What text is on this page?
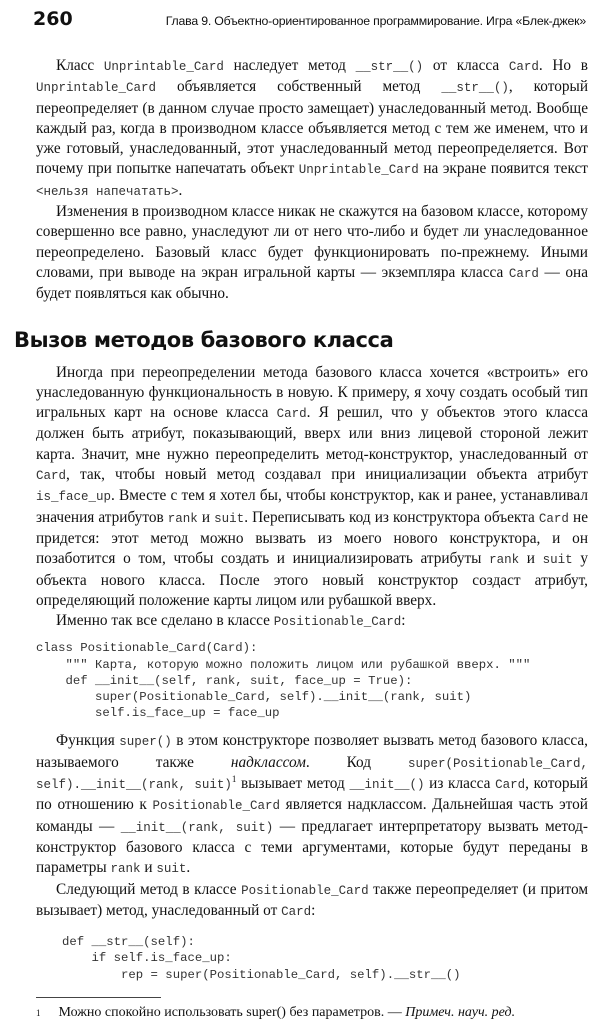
260	Глава 9. Объектно-ориентированное программирование. Игра «Блек-джек»

Класс Unprintable_Card наследует метод __str__() от класса Card. Но в Unprintable_Card объявляется собственный метод __str__(), который переопределяет (в данном случае просто замещает) унаследованный метод. Вообще каждый раз, когда в производном классе объявляется метод с тем же именем, что и уже готовый, унаследованный, этот унаследованный метод переопределяется. Вот почему при попытке напечатать объект Unprintable_Card на экране появится текст <нельзя напечатать>.

Изменения в производном классе никак не скажутся на базовом классе, которому совершенно все равно, унаследуют ли от него что-либо и будет ли унаследованное переопределено. Базовый класс будет функционировать по-прежнему. Иными словами, при выводе на экран игральной карты — экземпляра класса Card — она будет появляться как обычно.

Вызов методов базового класса

Иногда при переопределении метода базового класса хочется «встроить» его унаследованную функциональность в новую. К примеру, я хочу создать особый тип игральных карт на основе класса Card. Я решил, что у объектов этого класса должен быть атрибут, показывающий, вверх или вниз лицевой стороной лежит карта. Значит, мне нужно переопределить метод-конструктор, унаследованный от Card, так, чтобы новый метод создавал при инициализации объекта атрибут is_face_up. Вместе с тем я хотел бы, чтобы конструктор, как и ранее, устанавливал значения атрибутов rank и suit. Переписывать код из конструктора объекта Card не придется: этот метод можно вызвать из моего нового конструктора, и он позаботится о том, чтобы создать и инициализировать атрибуты rank и suit у объекта нового класса. После этого новый конструктор создаст атрибут, определяющий положение карты лицом или рубашкой вверх.

Именно так все сделано в классе Positionable_Card:

class Positionable_Card(Card):
""" Карта, которую можно положить лицом или рубашкой вверх. """
def __init__(self, rank, suit, face_up = True):
super(Positionable_Card, self).__init__(rank, suit)
self.is_face_up = face_up

Функция super() в этом конструкторе позволяет вызвать метод базового класса, называемого также надклассом. Код super(Positionable_Card, self).__init__(rank, suit)$^1$ вызывает метод __init__() из класса Card, который по отношению к Positionable_Card является надклассом. Дальнейшая часть этой команды — __init__(rank, suit) — предлагает интерпретатору вызвать метод-конструктор базового класса с теми аргументами, которые будут переданы в параметры rank и suit.

Следующий метод в классе Positionable_Card также переопределяет (и притом вызывает) метод, унаследованный от Card:

def __str__(self):
if self.is_face_up:
rep = super(Positionable_Card, self).__str__()
$^1$ Можно спокойно использовать super() без параметров. — Примеч. науч. ред.
